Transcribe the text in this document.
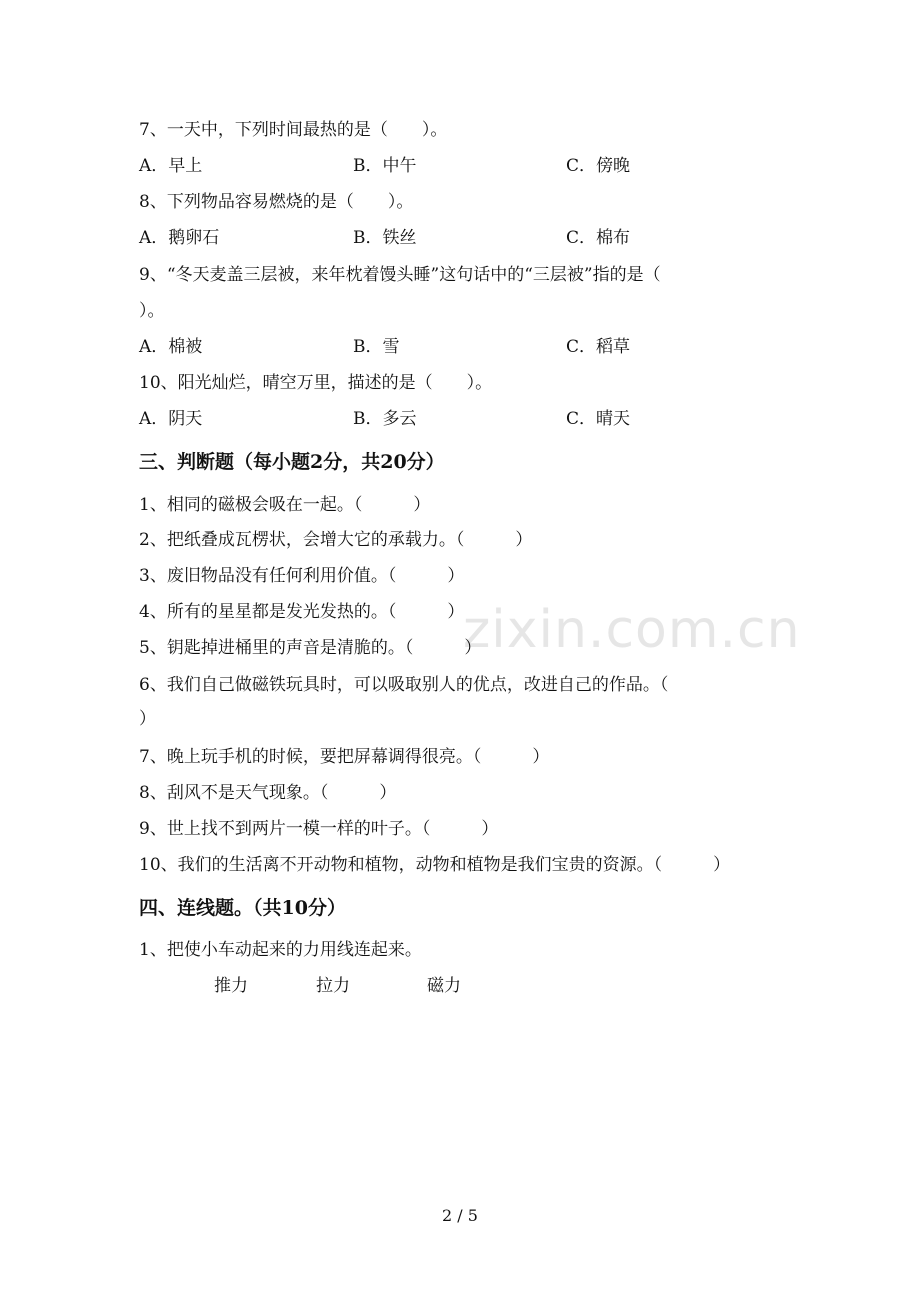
zixin.com.cn
7、一天中，下列时间最热的是（　　）。
A．早上	B．中午	C．傍晚
8、下列物品容易燃烧的是（　　）。
A．鹅卵石	B．铁丝	C．棉布
9、“冬天麦盖三层被，来年枕着馒头睡”这句话中的“三层被”指的是（
）。
A．棉被	B．雪	C．稻草
10、阳光灿烂，晴空万里，描述的是（　　）。
A．阴天	B．多云	C．晴天
三、判断题（每小题2分，共20分）
1、相同的磁极会吸在一起。（　　　）
2、把纸叠成瓦楞状，会增大它的承载力。（　　　）
3、废旧物品没有任何利用价值。（　　　）
4、所有的星星都是发光发热的。（　　　）
5、钥匙掉进桶里的声音是清脆的。（　　　）
6、我们自己做磁铁玩具时，可以吸取别人的优点，改进自己的作品。（
）
7、晚上玩手机的时候，要把屏幕调得很亮。（　　　）
8、刮风不是天气现象。（　　　）
9、世上找不到两片一模一样的叶子。（　　　）
10、我们的生活离不开动物和植物，动物和植物是我们宝贵的资源。（　　　）
四、连线题。（共10分）
1、把使小车动起来的力用线连起来。
推力	拉力	磁力
2 / 5
